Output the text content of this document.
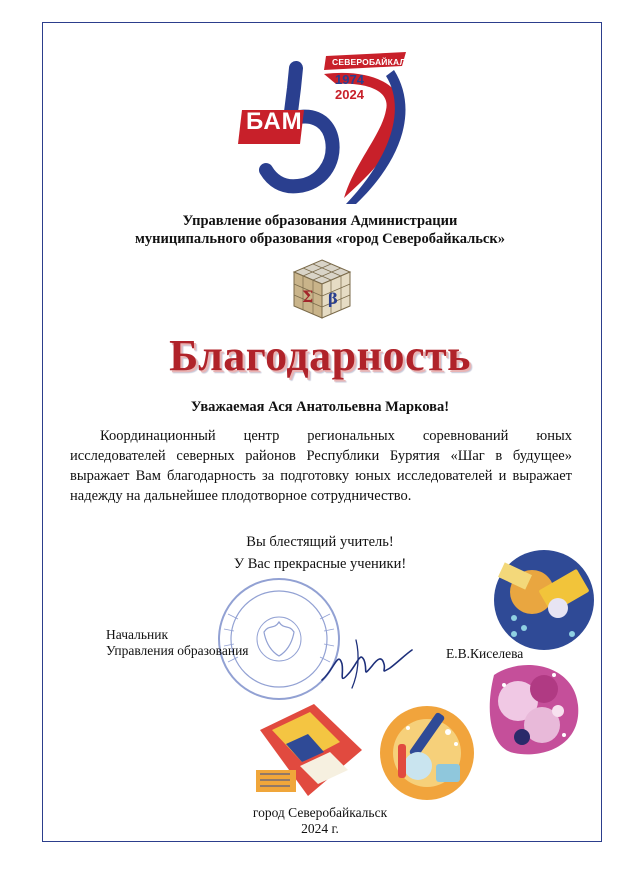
СЕВЕРОБАЙКАЛЬСК
1974
2024
БАМ
Управление образования Администрации
муниципального образования «город Северобайкальск»
Σ β
Благодарность
Уважаемая Ася Анатольевна Маркова!
Координационный центр региональных соревнований юных исследователей северных районов Республики Бурятия «Шаг в будущее» выражает Вам благодарность за подготовку юных исследователей и выражает надежду на дальнейшее плодотворное сотрудничество.
Вы блестящий учитель!
У Вас прекрасные ученики!
Начальник
Управления образования	Е.В.Киселева
город Северобайкальск
2024 г.
